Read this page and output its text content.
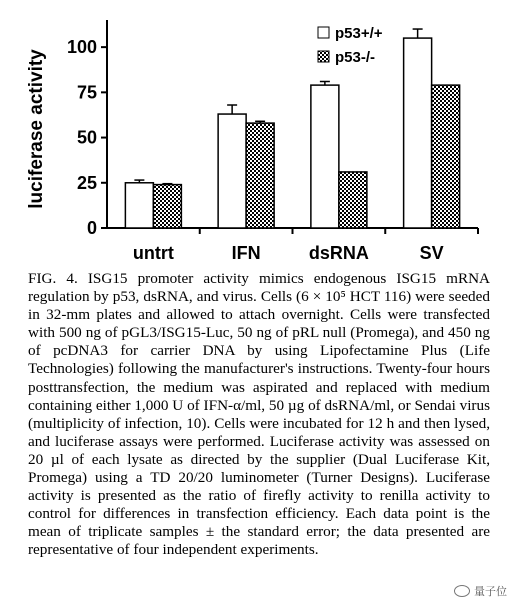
luciferase activity
0
25
50
75
100
untrt	IFN	dsRNA	SV
p53+/+
p53-/-
FIG. 4. ISG15 promoter activity mimics endogenous ISG15 mRNA regulation by p53, dsRNA, and virus. Cells (6 × 10⁵ HCT 116) were seeded in 32-mm plates and allowed to attach overnight. Cells were transfected with 500 ng of pGL3/ISG15-Luc, 50 ng of pRL null (Promega), and 450 ng of pcDNA3 for carrier DNA by using Lipofectamine Plus (Life Technologies) following the manufacturer's instructions. Twenty-four hours posttransfection, the medium was aspirated and replaced with medium containing either 1,000 U of IFN-α/ml, 50 µg of dsRNA/ml, or Sendai virus (multiplicity of infection, 10). Cells were incubated for 12 h and then lysed, and luciferase assays were performed. Luciferase activity was assessed on 20 µl of each lysate as directed by the supplier (Dual Luciferase Kit, Promega) using a TD 20/20 luminometer (Turner Designs). Luciferase activity is presented as the ratio of firefly activity to renilla activity to control for differences in transfection efficiency. Each data point is the mean of triplicate samples ± the standard error; the data presented are representative of four independent experiments.
量子位
